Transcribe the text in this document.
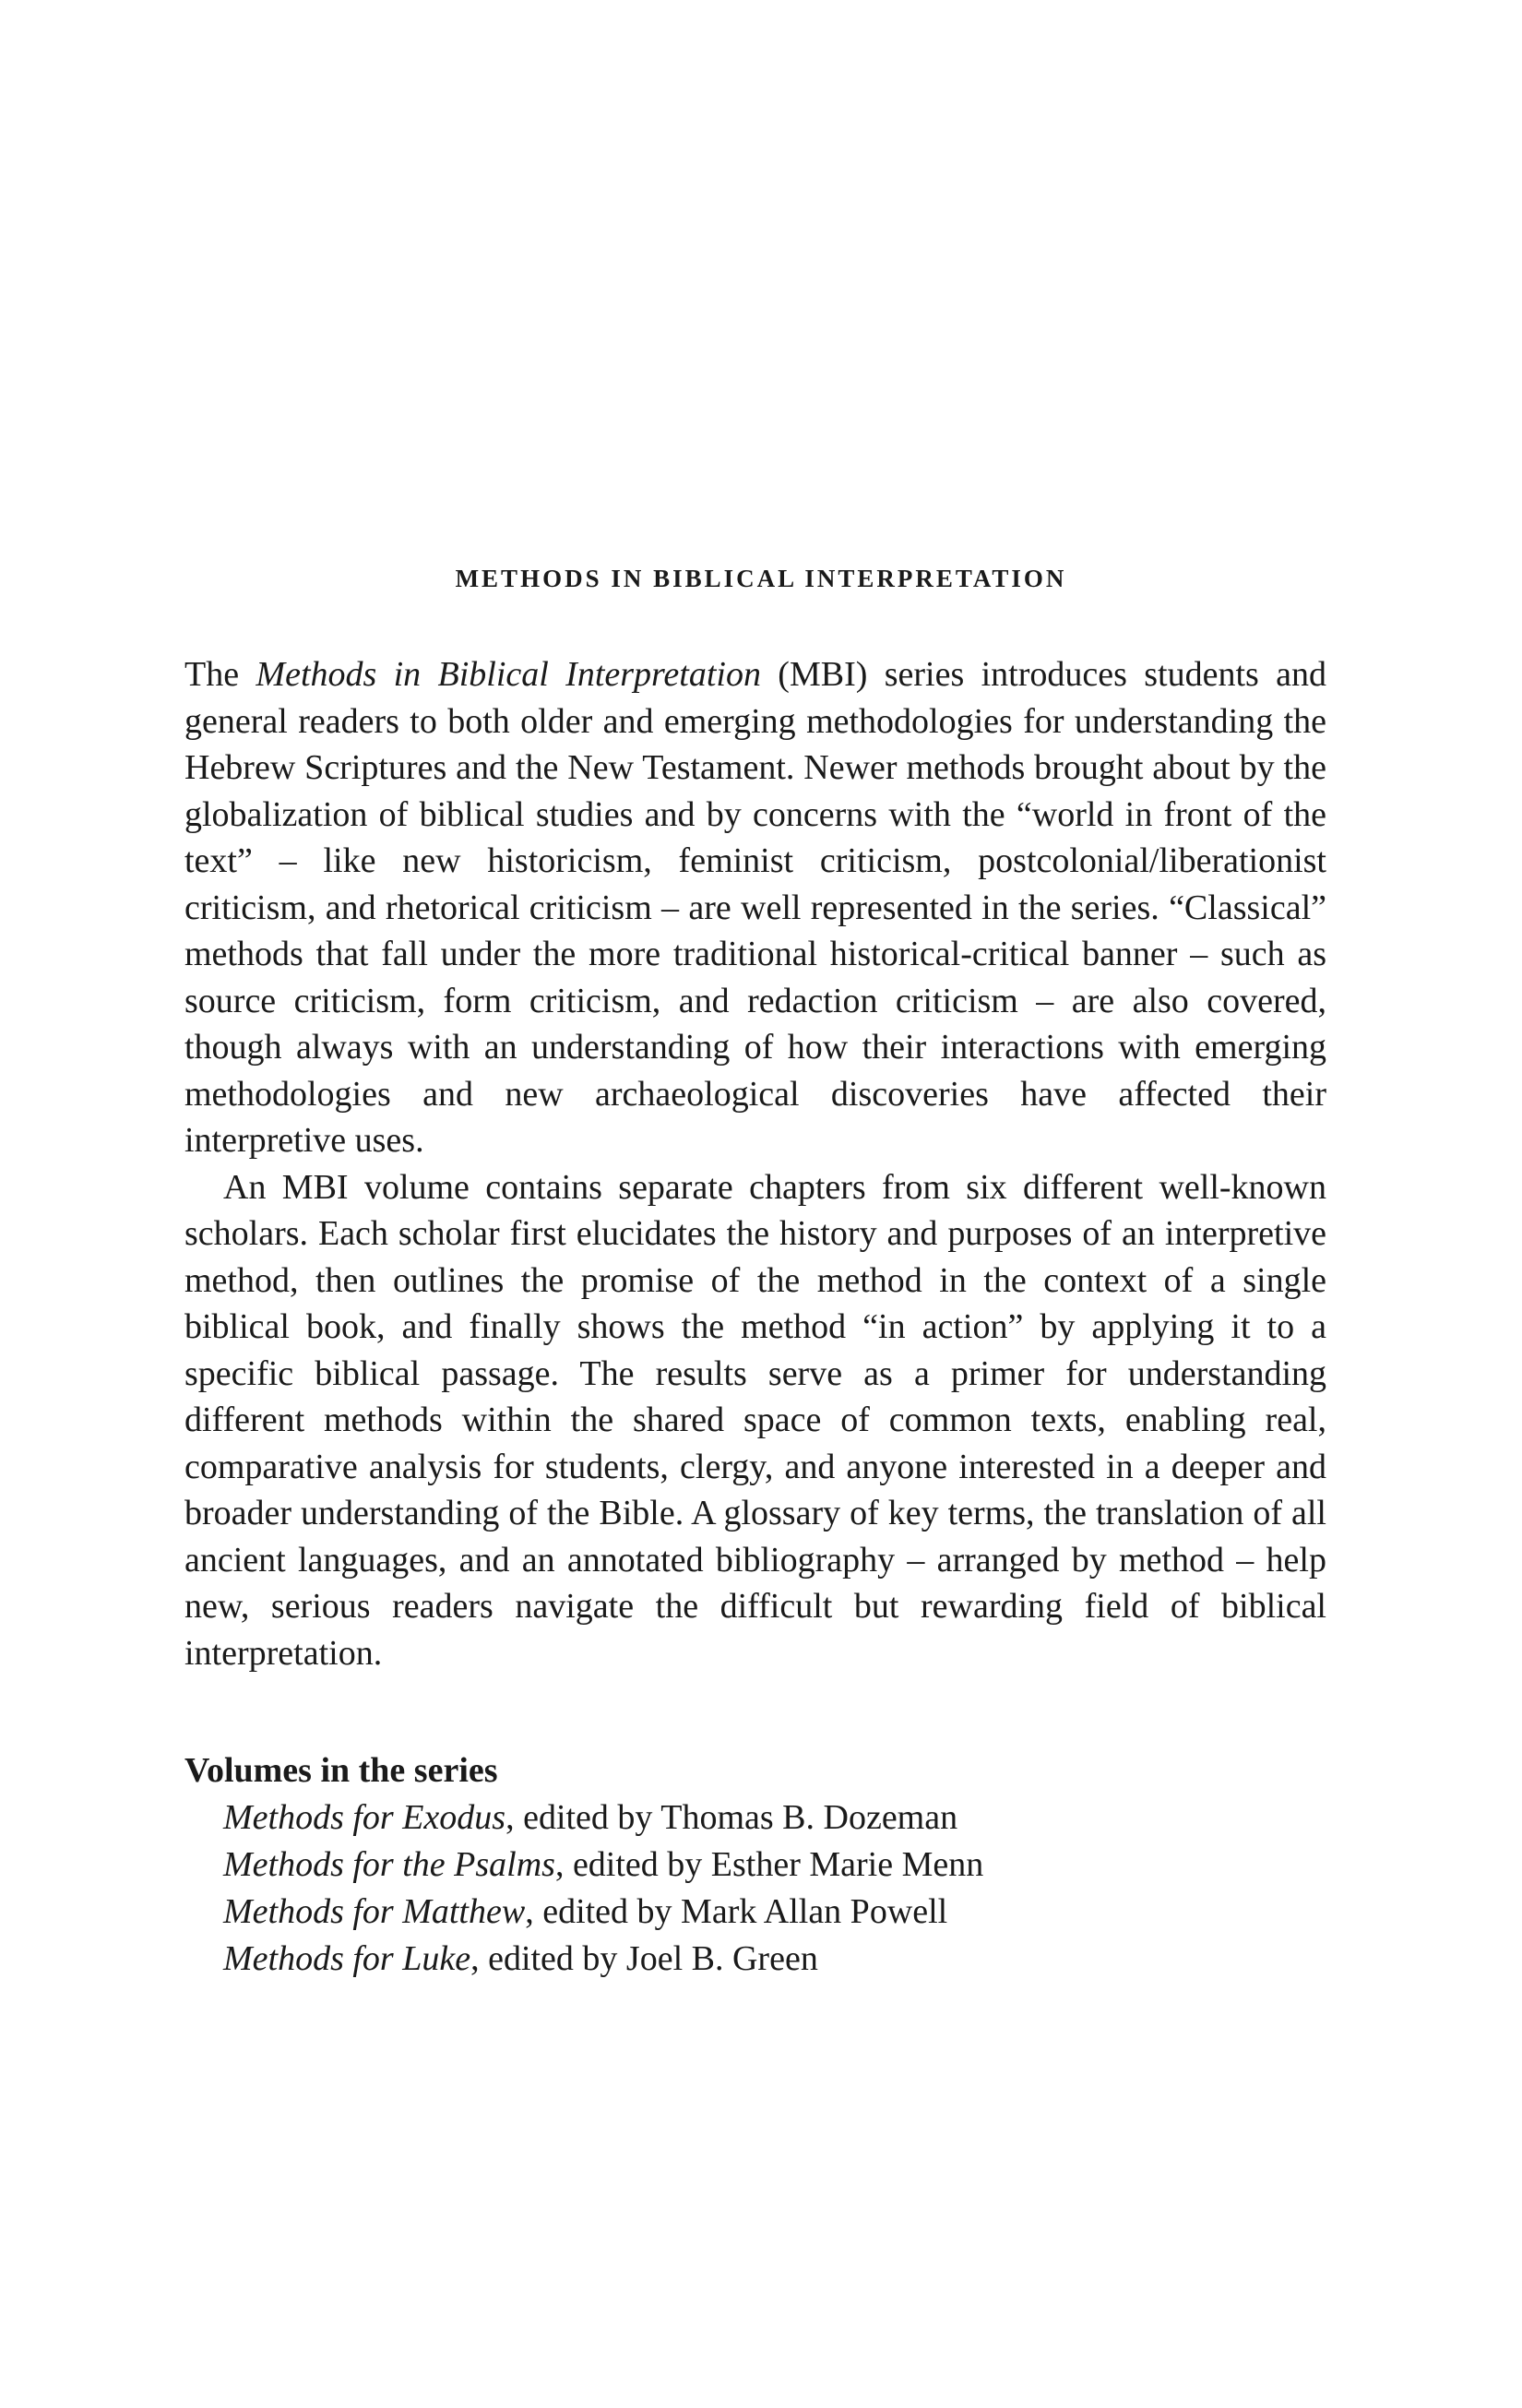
METHODS IN BIBLICAL INTERPRETATION

The Methods in Biblical Interpretation (MBI) series introduces students and general readers to both older and emerging methodologies for understanding the Hebrew Scriptures and the New Testament. Newer methods brought about by the globalization of biblical studies and by concerns with the “world in front of the text” – like new historicism, feminist criticism, postcolonial/liberationist criticism, and rhetorical criticism – are well represented in the series. “Classical” methods that fall under the more traditional historical-critical banner – such as source criticism, form criticism, and redaction criticism – are also covered, though always with an understanding of how their interactions with emerging methodologies and new archaeological discoveries have affected their interpretive uses.

An MBI volume contains separate chapters from six different well-known scholars. Each scholar first elucidates the history and purposes of an interpretive method, then outlines the promise of the method in the context of a single biblical book, and finally shows the method “in action” by applying it to a specific biblical passage. The results serve as a primer for understanding different methods within the shared space of common texts, enabling real, comparative analysis for students, clergy, and anyone interested in a deeper and broader understanding of the Bible. A glossary of key terms, the translation of all ancient languages, and an annotated bibliography – arranged by method – help new, serious readers navigate the difficult but rewarding field of biblical interpretation.

Volumes in the series

Methods for Exodus, edited by Thomas B. Dozeman
Methods for the Psalms, edited by Esther Marie Menn
Methods for Matthew, edited by Mark Allan Powell
Methods for Luke, edited by Joel B. Green
